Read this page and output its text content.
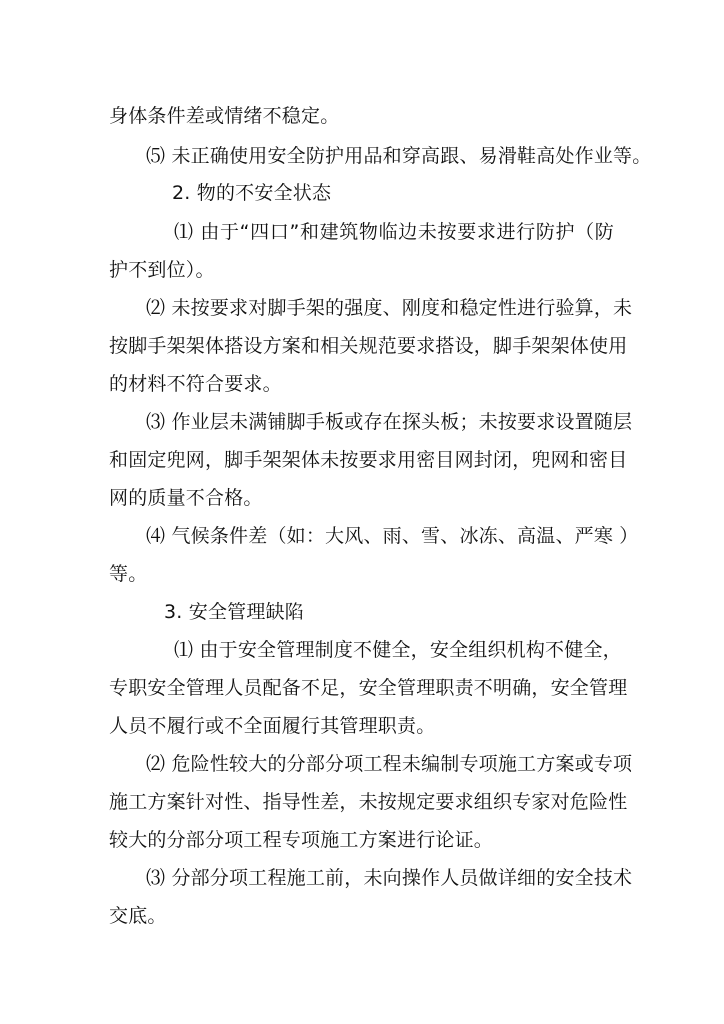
身体条件差或情绪不稳定。
⑸ 未正确使用安全防护用品和穿高跟、易滑鞋高处作业等。
2. 物的不安全状态
⑴ 由于“四口”和建筑物临边未按要求进行防护（防
护不到位）。
⑵ 未按要求对脚手架的强度、刚度和稳定性进行验算，未
按脚手架架体搭设方案和相关规范要求搭设，脚手架架体使用
的材料不符合要求。
⑶ 作业层未满铺脚手板或存在探头板；未按要求设置随层
和固定兜网，脚手架架体未按要求用密目网封闭，兜网和密目
网的质量不合格。
⑷ 气候条件差（如：大风、雨、雪、冰冻、高温、严寒 ）
等。
3. 安全管理缺陷
⑴ 由于安全管理制度不健全，安全组织机构不健全，
专职安全管理人员配备不足，安全管理职责不明确，安全管理
人员不履行或不全面履行其管理职责。
⑵ 危险性较大的分部分项工程未编制专项施工方案或专项
施工方案针对性、指导性差，未按规定要求组织专家对危险性
较大的分部分项工程专项施工方案进行论证。
⑶ 分部分项工程施工前，未向操作人员做详细的安全技术
交底。
